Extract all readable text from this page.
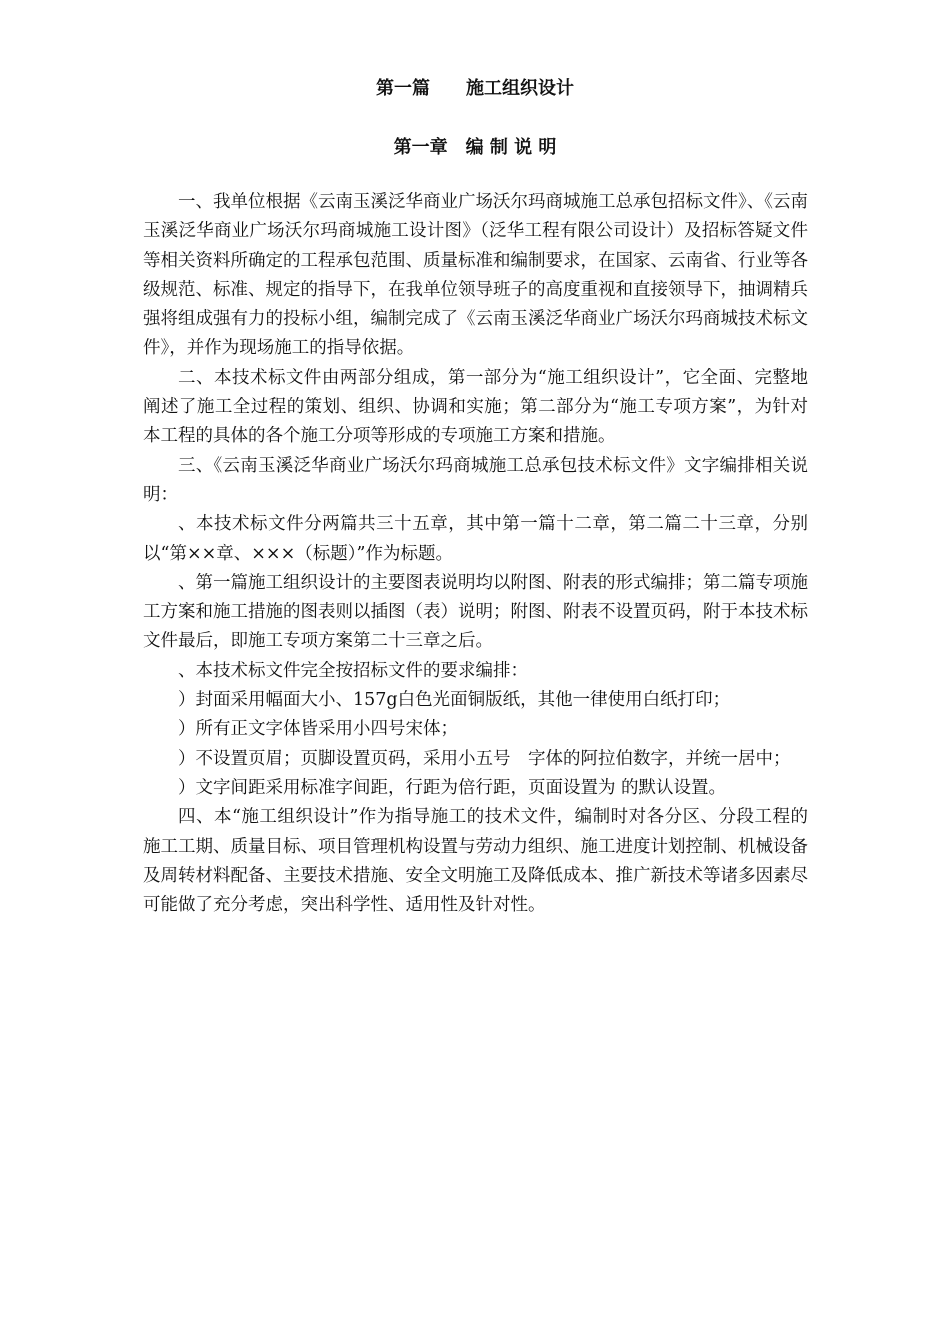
第一篇　　施工组织设计
第一章　编 制 说 明

一、我单位根据《云南玉溪泛华商业广场沃尔玛商城施工总承包招标文件》、《云南玉溪泛华商业广场沃尔玛商城施工设计图》（泛华工程有限公司设计）及招标答疑文件等相关资料所确定的工程承包范围、质量标准和编制要求，在国家、云南省、行业等各级规范、标准、规定的指导下，在我单位领导班子的高度重视和直接领导下，抽调精兵强将组成强有力的投标小组，编制完成了《云南玉溪泛华商业广场沃尔玛商城技术标文件》，并作为现场施工的指导依据。

二、本技术标文件由两部分组成，第一部分为“施工组织设计”，它全面、完整地阐述了施工全过程的策划、组织、协调和实施；第二部分为“施工专项方案”，为针对本工程的具体的各个施工分项等形成的专项施工方案和措施。

三、《云南玉溪泛华商业广场沃尔玛商城施工总承包技术标文件》文字编排相关说明：

、本技术标文件分两篇共三十五章，其中第一篇十二章，第二篇二十三章，分别以“第××章、×××（标题）”作为标题。

、第一篇施工组织设计的主要图表说明均以附图、附表的形式编排；第二篇专项施工方案和施工措施的图表则以插图（表）说明；附图、附表不设置页码，附于本技术标文件最后，即施工专项方案第二十三章之后。

、本技术标文件完全按招标文件的要求编排：

）封面采用幅面大小、157g白色光面铜版纸，其他一律使用白纸打印；

）所有正文字体皆采用小四号宋体；

）不设置页眉；页脚设置页码，采用小五号　字体的阿拉伯数字，并统一居中；

）文字间距采用标准字间距，行距为倍行距，页面设置为 的默认设置。

四、本“施工组织设计”作为指导施工的技术文件，编制时对各分区、分段工程的施工工期、质量目标、项目管理机构设置与劳动力组织、施工进度计划控制、机械设备及周转材料配备、主要技术措施、安全文明施工及降低成本、推广新技术等诸多因素尽可能做了充分考虑，突出科学性、适用性及针对性。
